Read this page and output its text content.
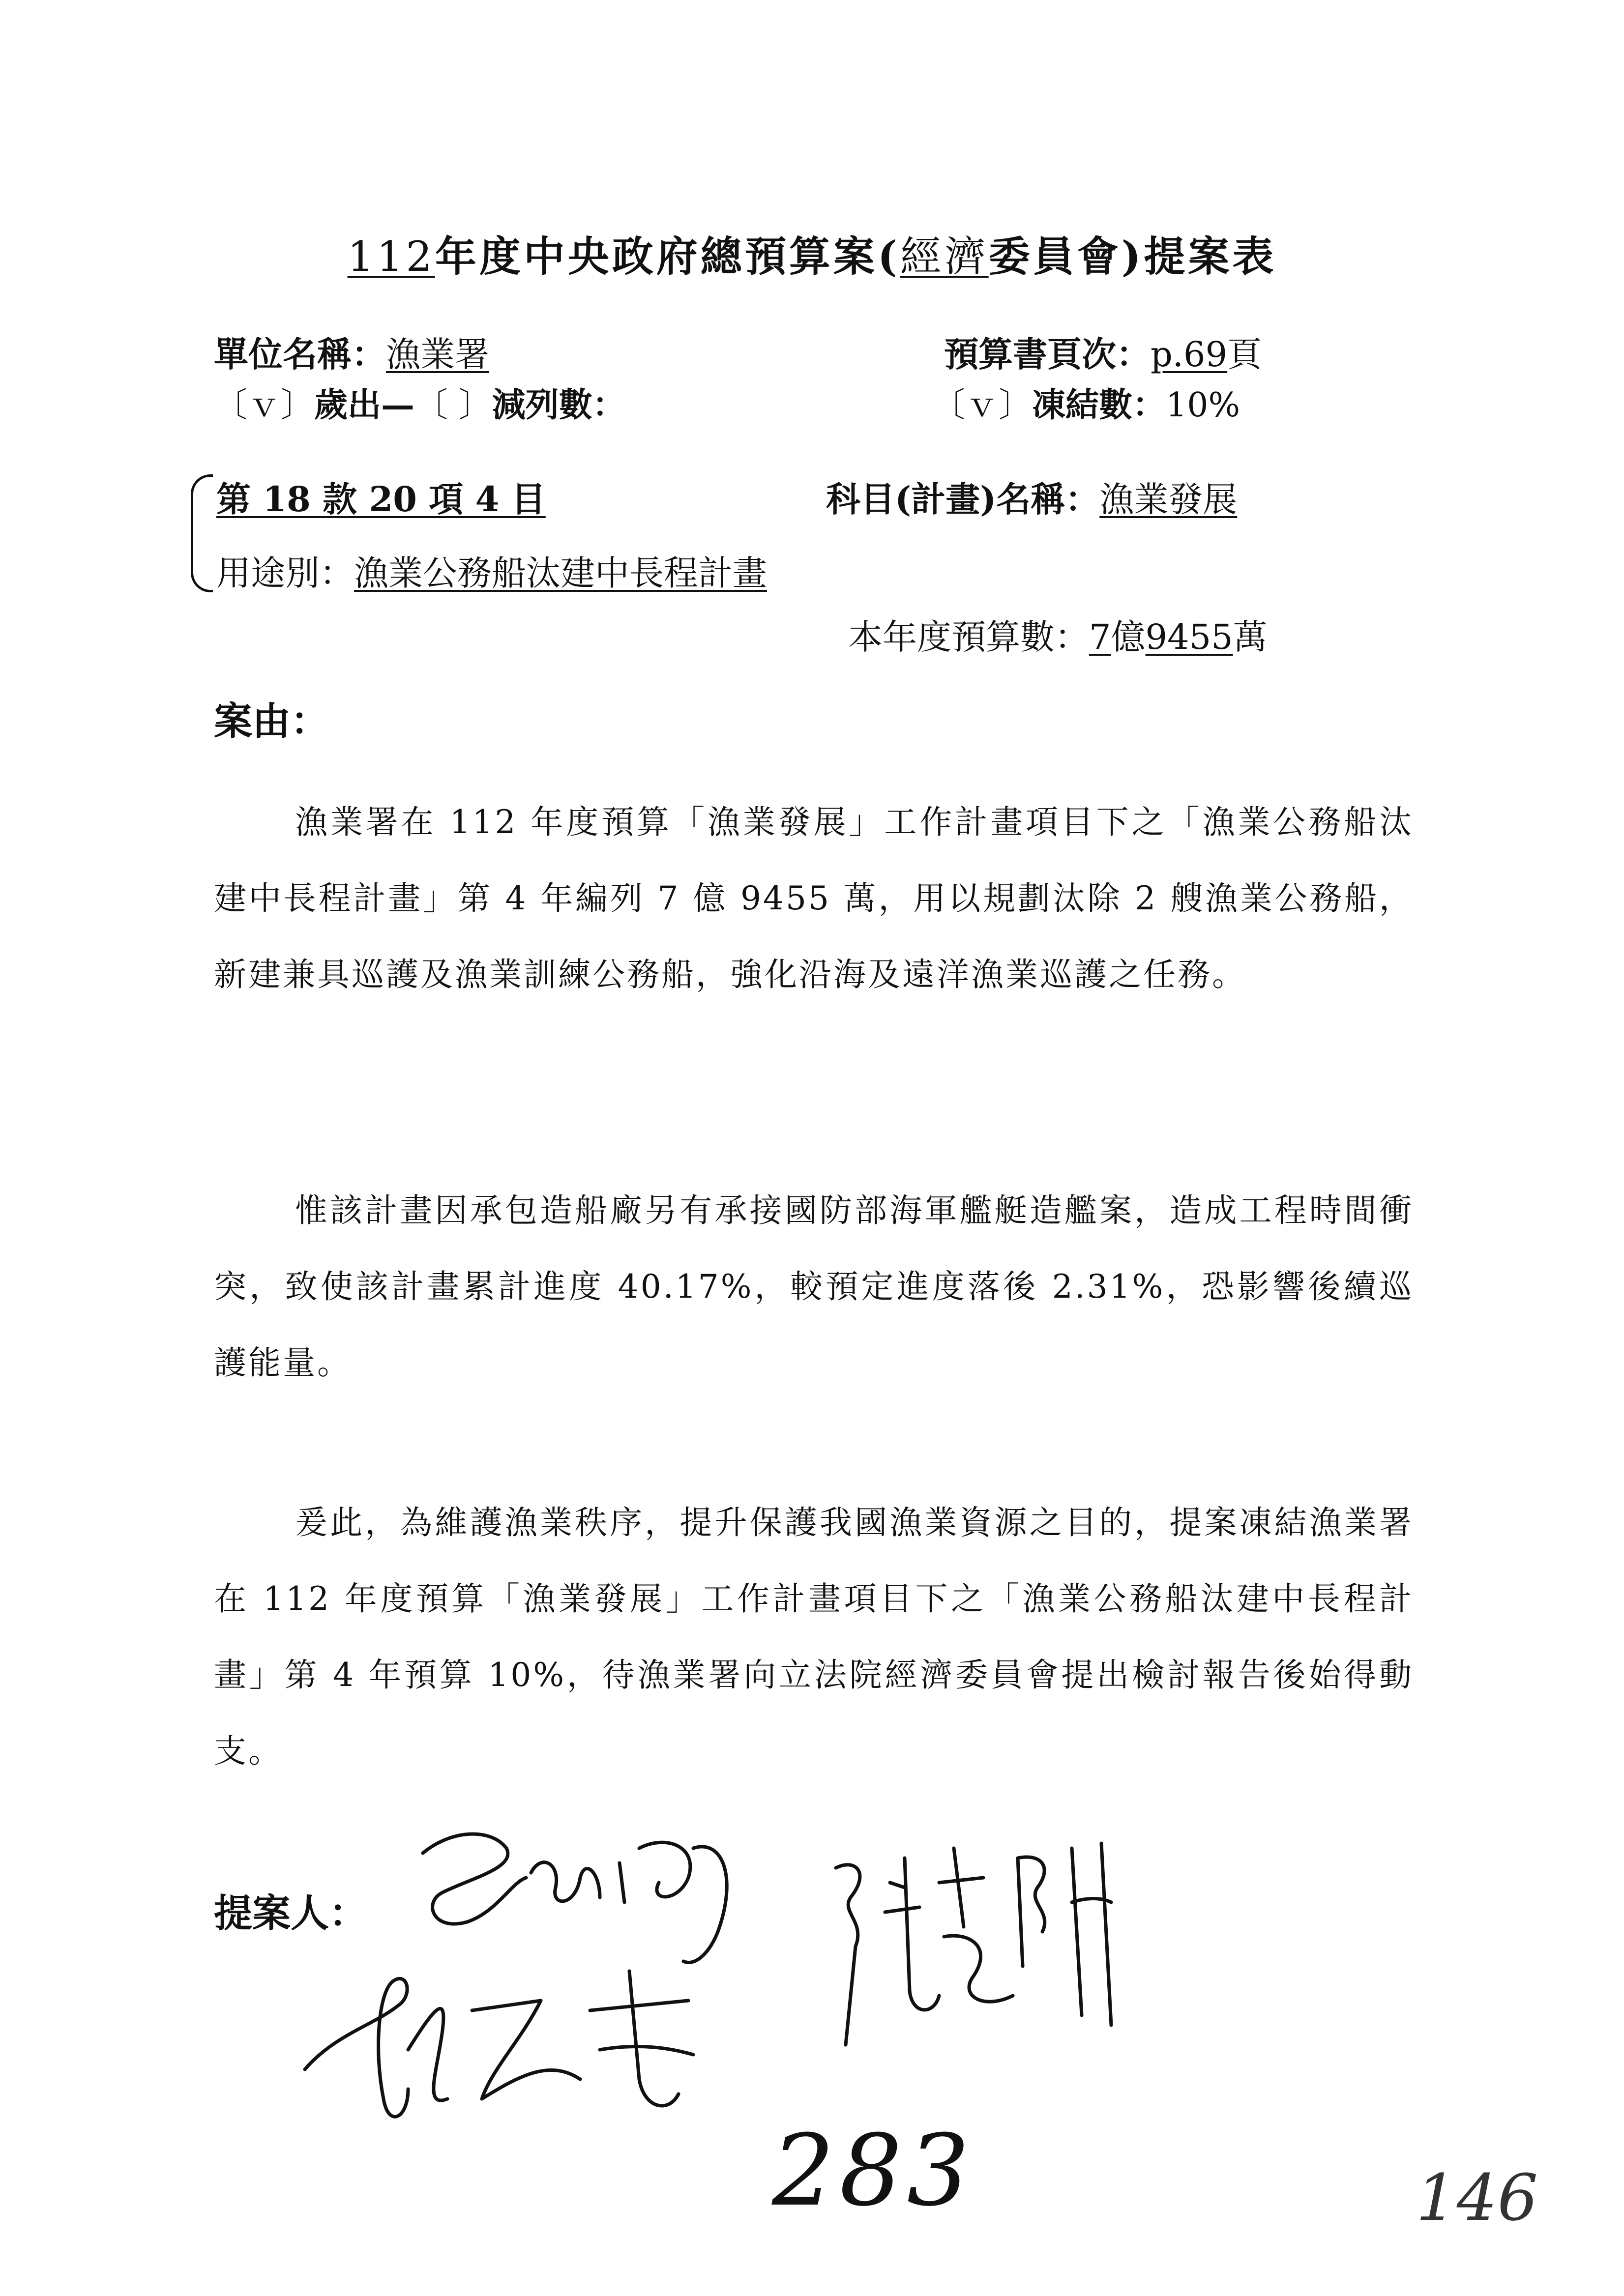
112年度中央政府總預算案(經濟委員會)提案表
單位名稱：漁業署	預算書頁次：p.69頁
〔ｖ〕歲出—〔 〕減列數：	〔ｖ〕凍結數：10%
第 18 款 20 項 4 目	科目(計畫)名稱：漁業發展
用途別：漁業公務船汰建中長程計畫
本年度預算數：7億9455萬
案由：

漁業署在 112 年度預算「漁業發展」工作計畫項目下之「漁業公務船汰建中長程計畫」第 4 年編列 7 億 9455 萬，用以規劃汰除 2 艘漁業公務船，新建兼具巡護及漁業訓練公務船，強化沿海及遠洋漁業巡護之任務。

惟該計畫因承包造船廠另有承接國防部海軍艦艇造艦案，造成工程時間衝突，致使該計畫累計進度 40.17%，較預定進度落後 2.31%，恐影響後續巡護能量。

爰此，為維護漁業秩序，提升保護我國漁業資源之目的，提案凍結漁業署在 112 年度預算「漁業發展」工作計畫項目下之「漁業公務船汰建中長程計畫」第 4 年預算 10%，待漁業署向立法院經濟委員會提出檢討報告後始得動支。

提案人：
283	146
